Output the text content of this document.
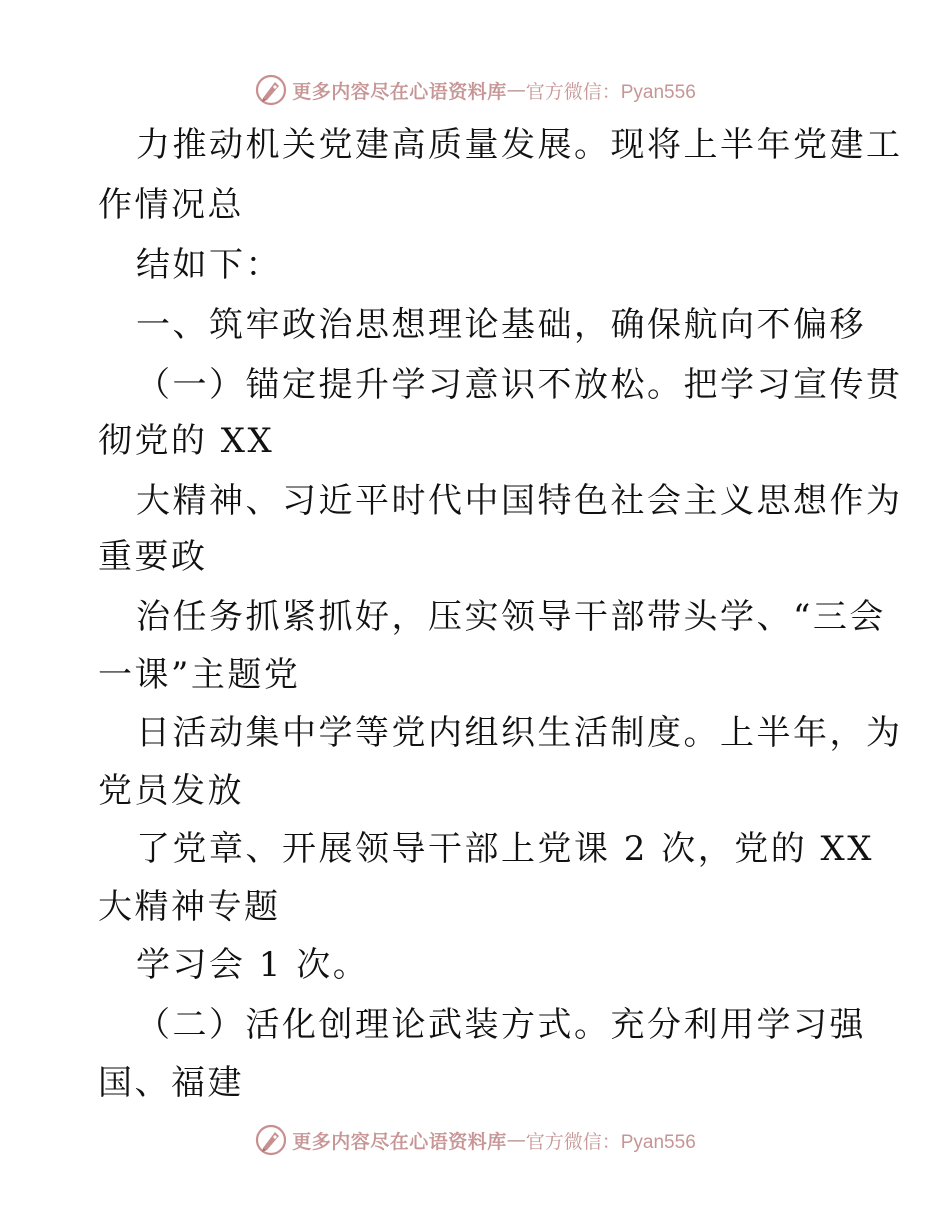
更多内容尽在心语资料库 — 官方微信：Pyan556
力推动机关党建高质量发展。现将上半年党建工
作情况总
结如下：
一、筑牢政治思想理论基础，确保航向不偏移
（一）锚定提升学习意识不放松。把学习宣传贯
彻党的 XX
大精神、习近平时代中国特色社会主义思想作为
重要政
治任务抓紧抓好，压实领导干部带头学、“三会
一课”主题党
日活动集中学等党内组织生活制度。上半年，为
党员发放
了党章、开展领导干部上党课 2 次，党的 XX
大精神专题
学习会 1 次。
（二）活化创理论武装方式。充分利用学习强
国、福建
更多内容尽在心语资料库 — 官方微信：Pyan556
